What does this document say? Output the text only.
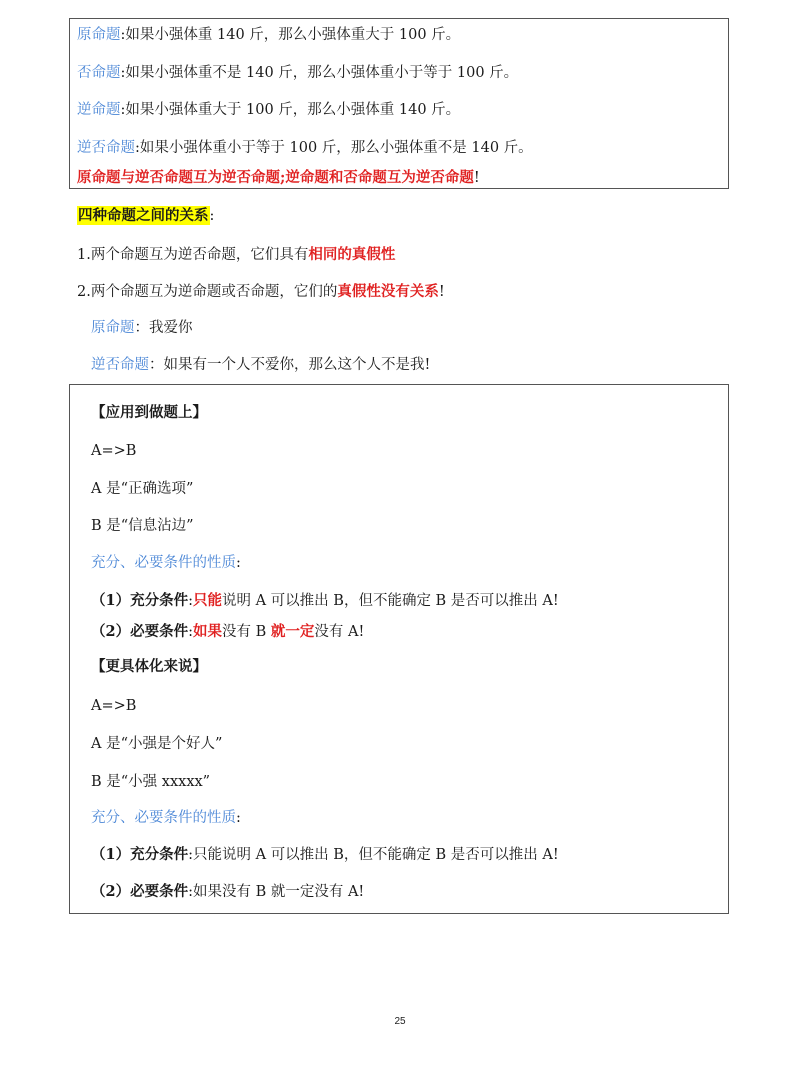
原命题:如果小强体重 140 斤，那么小强体重大于 100 斤。
否命题:如果小强体重不是 140 斤，那么小强体重小于等于 100 斤。
逆命题:如果小强体重大于 100 斤，那么小强体重 140 斤。
逆否命题:如果小强体重小于等于 100 斤，那么小强体重不是 140 斤。
原命题与逆否命题互为逆否命题;逆命题和否命题互为逆否命题!
四种命题之间的关系:
1.两个命题互为逆否命题，它们具有相同的真假性
2.两个命题互为逆命题或否命题，它们的真假性没有关系!
原命题：我爱你
逆否命题：如果有一个人不爱你，那么这个人不是我!
【应用到做题上】
A=>B
A 是“正确选项”
B 是“信息沾边”
充分、必要条件的性质:
（1）充分条件:只能说明 A 可以推出 B，但不能确定 B 是否可以推出 A!
（2）必要条件:如果没有 B 就一定没有 A!
【更具体化来说】
A=>B
A 是“小强是个好人”
B 是“小强 xxxxx”
充分、必要条件的性质:
（1）充分条件:只能说明 A 可以推出 B，但不能确定 B 是否可以推出 A!
（2）必要条件:如果没有 B 就一定没有 A!
25
